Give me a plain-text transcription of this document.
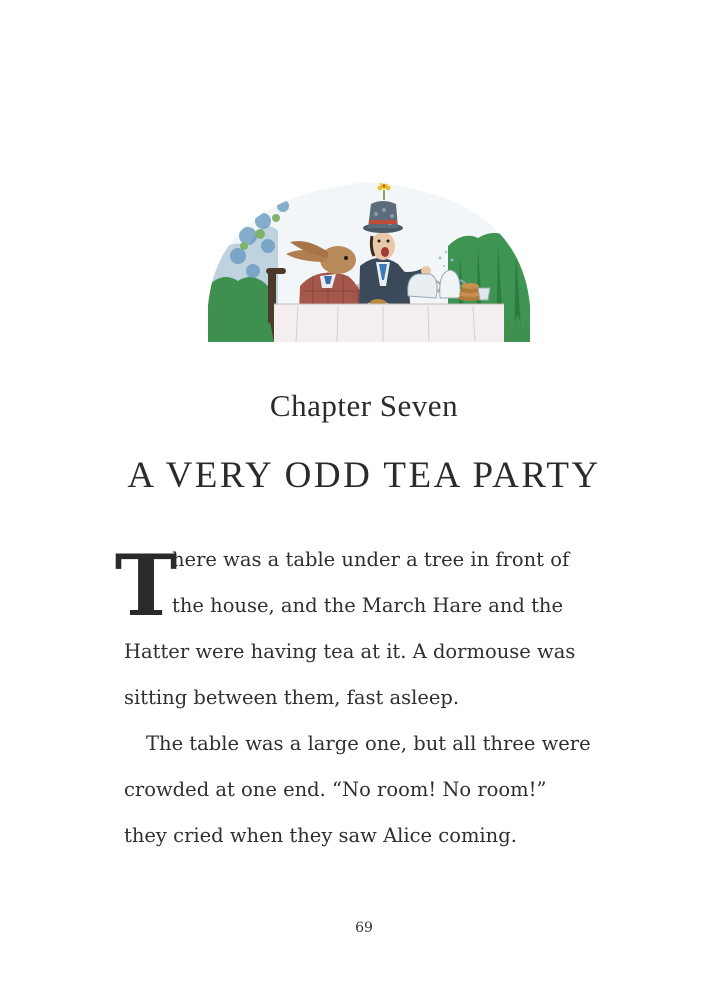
Chapter Seven
A VERY ODD TEA PARTY
T
here was a table under a tree in front of
the house, and the March Hare and the
Hatter were having tea at it. A dormouse was
sitting between them, fast asleep.
The table was a large one, but all three were
crowded at one end. “No room! No room!”
they cried when they saw Alice coming.
69
